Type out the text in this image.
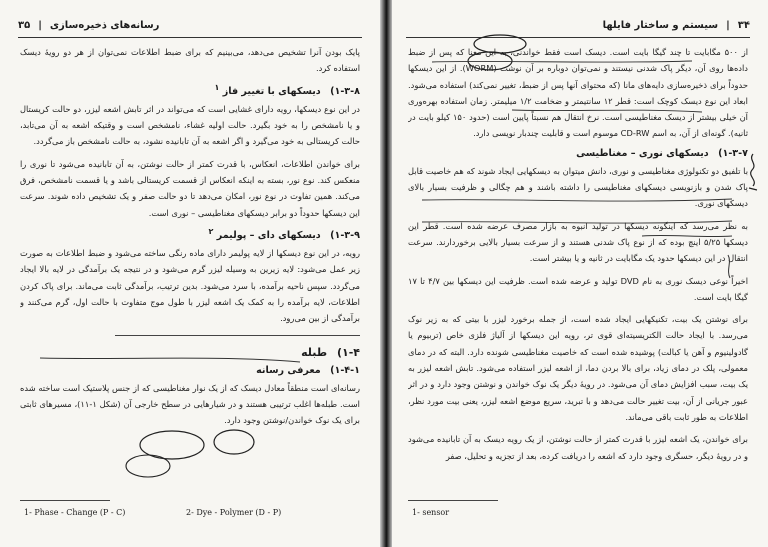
رسانه‌های ذخیره‌سازی
|
۳۵

پایک بودن آنرا تشخیص می‌دهد، می‌بینیم که برای ضبط اطلاعات نمی‌توان از هر دو رویهٔ دیسک استفاده کرد.

۱-۳-۸) دیسکهای با تغییر فاز $^۱$

در این نوع دیسکها، رویه دارای غشایی است که می‌تواند در اثر تابش اشعه لیزر، دو حالت کریستال و یا نامشخص را به خود بگیرد. حالت اولیه غشاء، نامشخص است و وقتیکه اشعه به آن می‌تابد، حالت کریستالی به خود می‌گیرد و اگر اشعه به آن تابانیده نشود، به حالت نامشخص باز می‌گردد.

برای خواندن اطلاعات، انعکاس، با قدرت کمتر از حالت نوشتن، به آن تابانیده می‌شود تا نوری را منعکس کند. نوع نور، بسته به اینکه انعکاس از قسمت کریستالی باشد و یا قسمت نامشخص، فرق می‌کند. همین تفاوت در نوع نور، امکان می‌دهد تا دو حالت صفر و یک تشخیص داده شوند. سرعت این دیسکها حدوداً دو برابر دیسکهای مغناطیسی – نوری است.

۱-۳-۹) دیسکهای دای – پولیمر $^۲$

رویه، در این نوع دیسکها از لایه پولیمر دارای ماده رنگی ساخته می‌شود و ضبط اطلاعات به صورت زیر عمل می‌شود: لایه زیرین به وسیله لیزر گرم می‌شود و در نتیجه یک برآمدگی در لایه بالا ایجاد می‌گردد. سپس ناحیه برآمده، با سرد می‌شود. بدین ترتیب، برآمدگی ثابت می‌ماند. برای پاک کردن اطلاعات، لایه برآمده را به کمک یک اشعه لیزر با طول موج متفاوت با حالت اول، گرم می‌کنند و برآمدگی از بین می‌رود.

۱-۴) طبله
۱-۴-۱) معرفی رسانه

رسانه‌ای است منطقاً معادل دیسک که از یک نوار مغناطیسی که از جنس پلاستیک است ساخته شده است. طبله‌ها اغلب ترتیبی هستند و در شیارهایی در سطح خارجی آن (شکل ۱-۱۱)، مسیرهای ثابتی برای یک نوک خواندن/نوشتن وجود دارد.

1- Phase - Change (P - C)	2- Dye - Polymer (D - P)
۳۴
|
سیستم و ساختار فایلها

از ۵۰۰ مگابایت تا چند گیگا بایت است. دیسک است فقط خواندنی، به این معنا که پس از ضبط داده‌ها روی آن، دیگر پاک شدنی نیستند و نمی‌توان دوباره بر آن نوشت (WORM). از این دیسکها حدوداً برای ذخیره‌سازی دایه‌های مانا (که محتوای آنها پس از ضبط، تغییر نمی‌کند) استفاده می‌شود. ابعاد این نوع دیسک کوچک است: قطر ۱۲ سانتیمتر و ضخامت ۱/۲ میلیمتر. زمان استفاده بهره‌وری آن خیلی بیشتر از دیسک مغناطیسی است. نرخ انتقال هم نسبتاً پایین است (حدود ۱۵۰ کیلو بایت در ثانیه). گونه‌ای از آن، به اسم CD-RW موسوم است و قابلیت چندبار نویسی دارد.

۱-۳-۷) دیسکهای نوری – مغناطیسی

با تلفیق دو تکنولوژی مغناطیسی و نوری، دانش میتوان به دیسکهایی ایجاد شوند که هم خاصیت قابل پاک شدن و بازنویسی دیسکهای مغناطیسی را داشته باشند و هم چگالی و ظرفیت بسیار بالای دیسکهای نوری.

به نظر می‌رسد که اینگونه دیسکها در تولید انبوه به بازار مصرف عرضه شده است. قطر این دیسکها ۵/۲۵ اینچ بوده که از نوع پاک شدنی هستند و از سرعت بسیار بالایی برخوردارند. سرعت انتقال در این دیسکها حدود یک مگابایت در ثانیه و یا بیشتر است.

اخیراً نوعی دیسک نوری به نام DVD تولید و عرضه شده است. ظرفیت این دیسکها بین ۴/۷ تا ۱۷ گیگا بایت است.

برای نوشتن یک بیت، تکنیکهایی ایجاد شده است، از جمله برخورد لیزر با بیتی که به زیر نوک می‌رسد. با ایجاد حالت الکتریسیته‌ای قوی تر، رویه این دیسکها از آلیاژ فلزی خاص (تربیوم یا گادولینیوم و آهن یا کبالت) پوشیده شده است که خاصیت مغناطیسی شونده دارد. البته که در دمای معمولی، پلک در دمای زیاد، برای بالا بردن دما، از اشعه لیزر استفاده می‌شود. تابش اشعه لیزر به یک بیت، سبب افزایش دمای آن می‌شود. در رویهٔ دیگر یک نوک خواندن و نوشتن وجود دارد و در اثر عبور جریانی از آن، بیت تغییر حالت می‌دهد و با تبرید، سریع موضع اشعه لیزر، یعنی بیت مورد نظر، اطلاعات به طور ثابت باقی می‌ماند.

برای خواندن، یک اشعه لیزر با قدرت کمتر از حالت نوشتن، از یک رویه دیسک به آن تابانیده می‌شود و در رویهٔ دیگر، حسگری وجود دارد که اشعه را دریافت کرده، بعد از تجزیه و تحلیل، صفر

1- sensor
